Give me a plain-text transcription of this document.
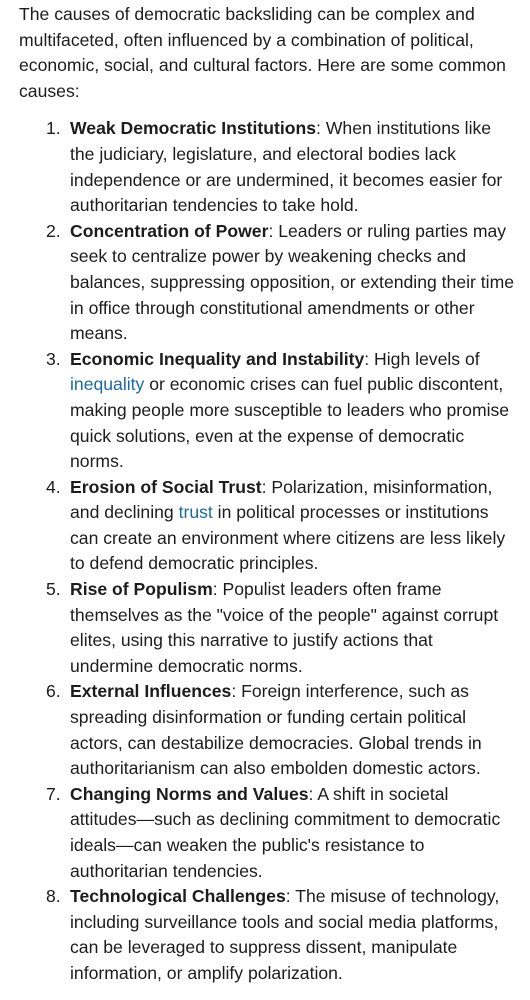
The causes of democratic backsliding can be complex and multifaceted, often influenced by a combination of political, economic, social, and cultural factors. Here are some common causes:

1. Weak Democratic Institutions: When institutions like the judiciary, legislature, and electoral bodies lack independence or are undermined, it becomes easier for authoritarian tendencies to take hold.
2. Concentration of Power: Leaders or ruling parties may seek to centralize power by weakening checks and balances, suppressing opposition, or extending their time in office through constitutional amendments or other means.
3. Economic Inequality and Instability: High levels of inequality or economic crises can fuel public discontent, making people more susceptible to leaders who promise quick solutions, even at the expense of democratic norms.
4. Erosion of Social Trust: Polarization, misinformation, and declining trust in political processes or institutions can create an environment where citizens are less likely to defend democratic principles.
5. Rise of Populism: Populist leaders often frame themselves as the "voice of the people" against corrupt elites, using this narrative to justify actions that undermine democratic norms.
6. External Influences: Foreign interference, such as spreading disinformation or funding certain political actors, can destabilize democracies. Global trends in authoritarianism can also embolden domestic actors.
7. Changing Norms and Values: A shift in societal attitudes—such as declining commitment to democratic ideals—can weaken the public's resistance to authoritarian tendencies.
8. Technological Challenges: The misuse of technology, including surveillance tools and social media platforms, can be leveraged to suppress dissent, manipulate information, or amplify polarization.
